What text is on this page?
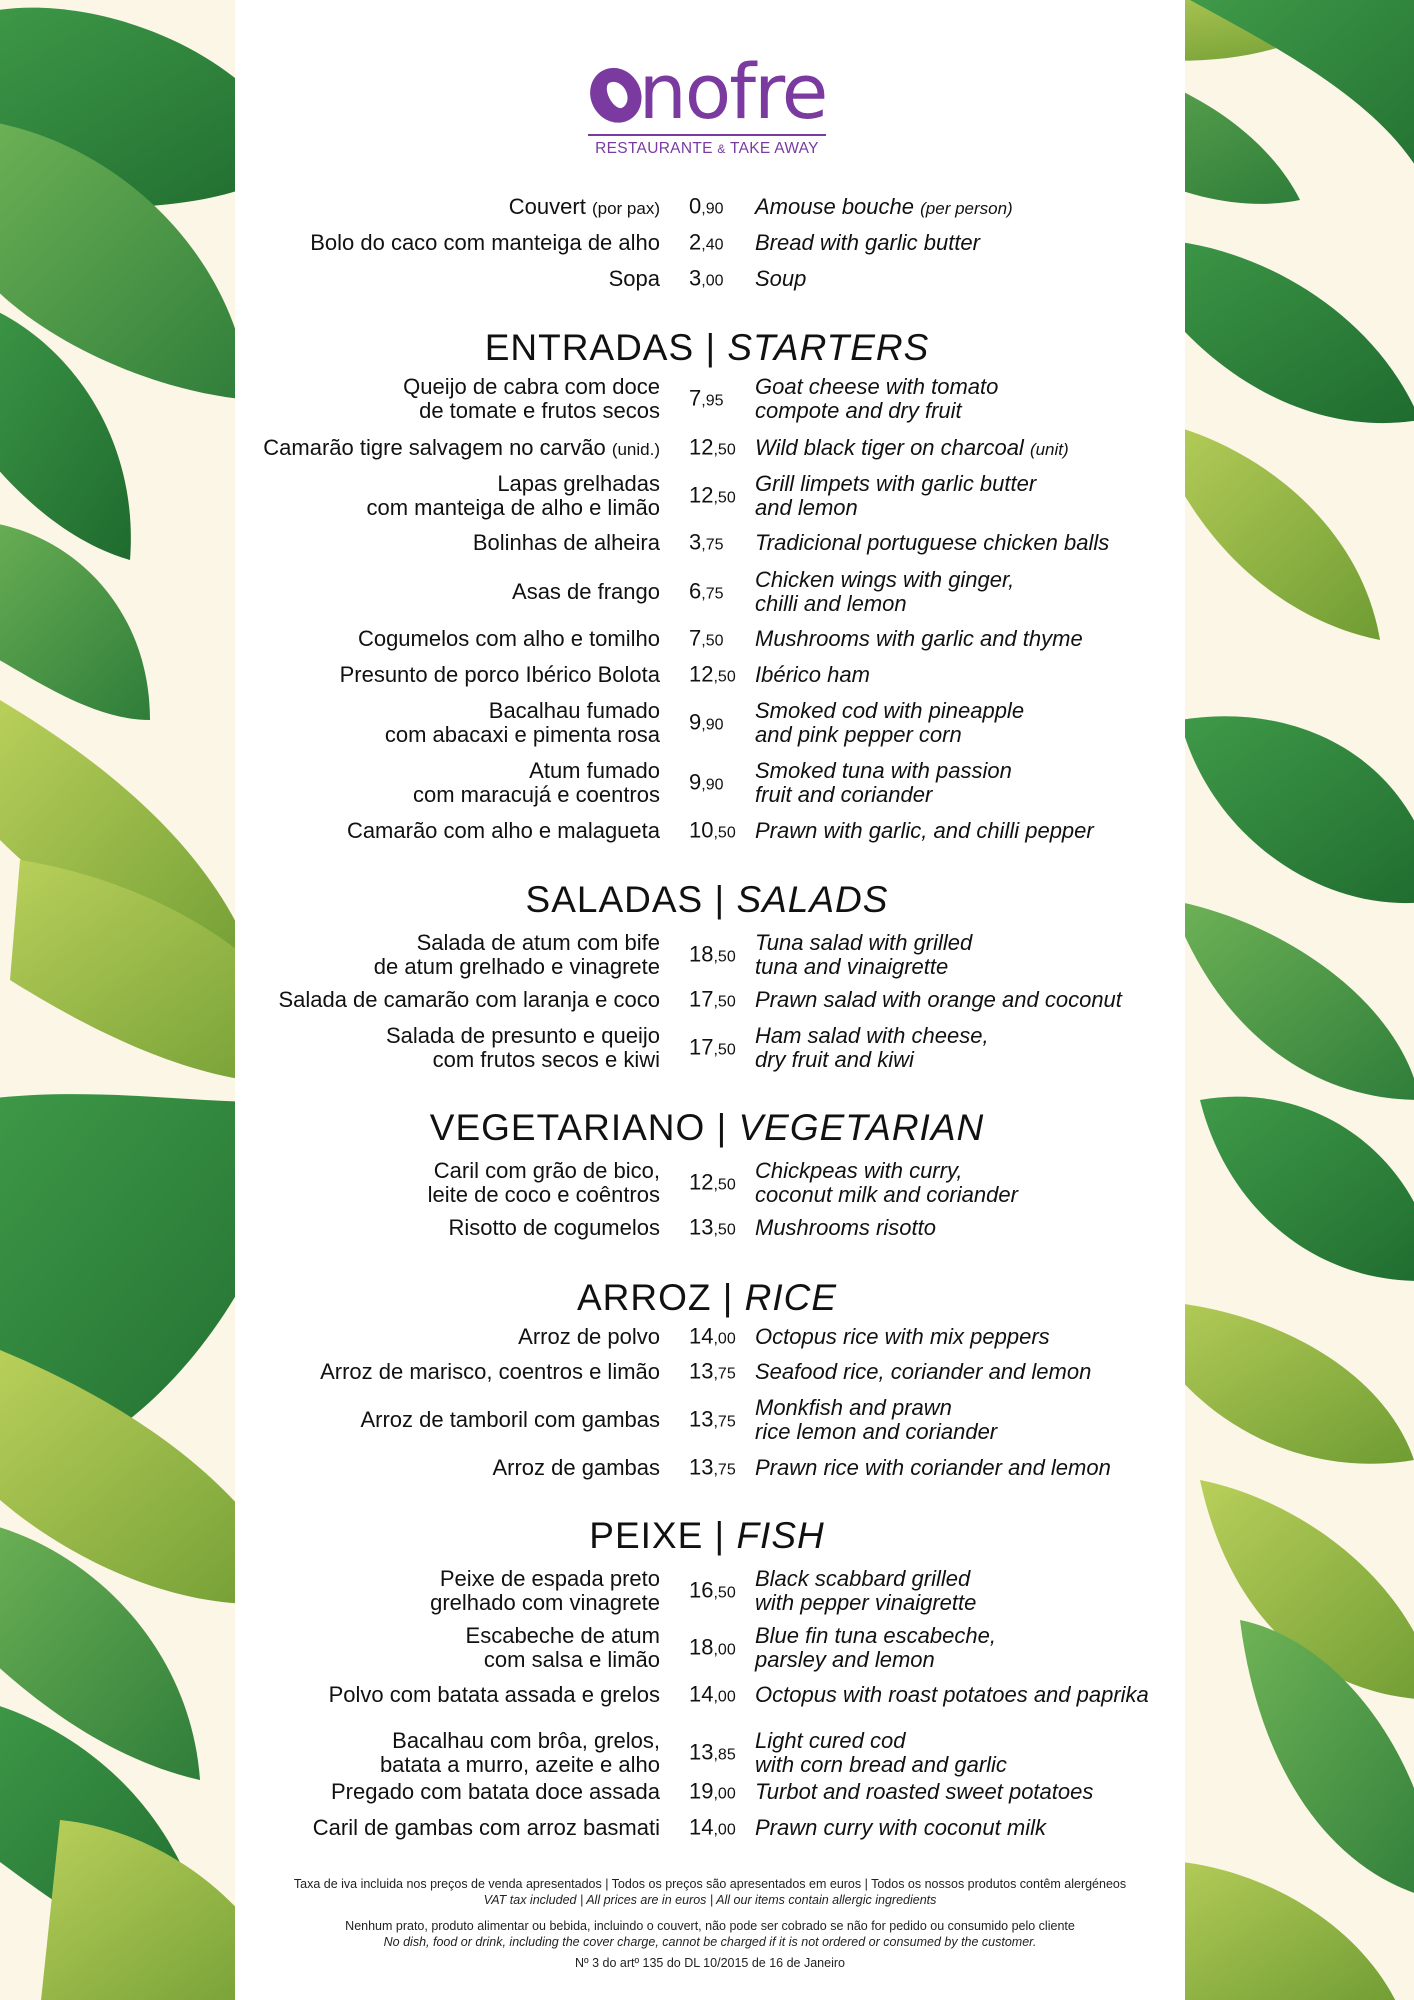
nofre
RESTAURANTE & TAKE AWAY
Couvert (por pax) 0,90 Amouse bouche (per person)
Bolo do caco com manteiga de alho 2,40 Bread with garlic butter
Sopa 3,00 Soup
ENTRADAS | STARTERS
Queijo de cabra com doce
de tomate e frutos secos 7,95
Goat cheese with tomato
compote and dry fruit
Camarão tigre salvagem no carvão (unid.) 12,50 Wild black tiger on charcoal (unit)
Lapas grelhadas
com manteiga de alho e limão 12,50
Grill limpets with garlic butter
and lemon
Bolinhas de alheira 3,75 Tradicional portuguese chicken balls
Asas de frango 6,75
Chicken wings with ginger,
chilli and lemon
Cogumelos com alho e tomilho 7,50 Mushrooms with garlic and thyme
Presunto de porco Ibérico Bolota 12,50 Ibérico ham
Bacalhau fumado
com abacaxi e pimenta rosa 9,90
Smoked cod with pineapple
and pink pepper corn
Atum fumado
com maracujá e coentros 9,90
Smoked tuna with passion
fruit and coriander
Camarão com alho e malagueta 10,50 Prawn with garlic, and chilli pepper
SALADAS | SALADS
Salada de atum com bife
de atum grelhado e vinagrete 18,50
Tuna salad with grilled
tuna and vinaigrette
Salada de camarão com laranja e coco 17,50 Prawn salad with orange and coconut
Salada de presunto e queijo
com frutos secos e kiwi 17,50
Ham salad with cheese,
dry fruit and kiwi
VEGETARIANO | VEGETARIAN
Caril com grão de bico,
leite de coco e coêntros 12,50
Chickpeas with curry,
coconut milk and coriander
Risotto de cogumelos 13,50 Mushrooms risotto
ARROZ | RICE
Arroz de polvo 14,00 Octopus rice with mix peppers
Arroz de marisco, coentros e limão 13,75 Seafood rice, coriander and lemon
Arroz de tamboril com gambas 13,75
Monkfish and prawn
rice lemon and coriander
Arroz de gambas 13,75 Prawn rice with coriander and lemon
PEIXE | FISH
Peixe de espada preto
grelhado com vinagrete 16,50
Black scabbard grilled
with pepper vinaigrette
Escabeche de atum
com salsa e limão 18,00
Blue fin tuna escabeche,
parsley and lemon
Polvo com batata assada e grelos 14,00 Octopus with roast potatoes and paprika
Bacalhau com brôa, grelos,
batata a murro, azeite e alho 13,85
Light cured cod
with corn bread and garlic
Pregado com batata doce assada 19,00 Turbot and roasted sweet potatoes
Caril de gambas com arroz basmati 14,00 Prawn curry with coconut milk
Taxa de iva incluida nos preços de venda apresentados | Todos os preços são apresentados em euros | Todos os nossos produtos contêm alergéneos
VAT tax included | All prices are in euros | All our items contain allergic ingredients
Nenhum prato, produto alimentar ou bebida, incluindo o couvert, não pode ser cobrado se não for pedido ou consumido pelo cliente
No dish, food or drink, including the cover charge, cannot be charged if it is not ordered or consumed by the customer.
Nº 3 do artº 135 do DL 10/2015 de 16 de Janeiro
